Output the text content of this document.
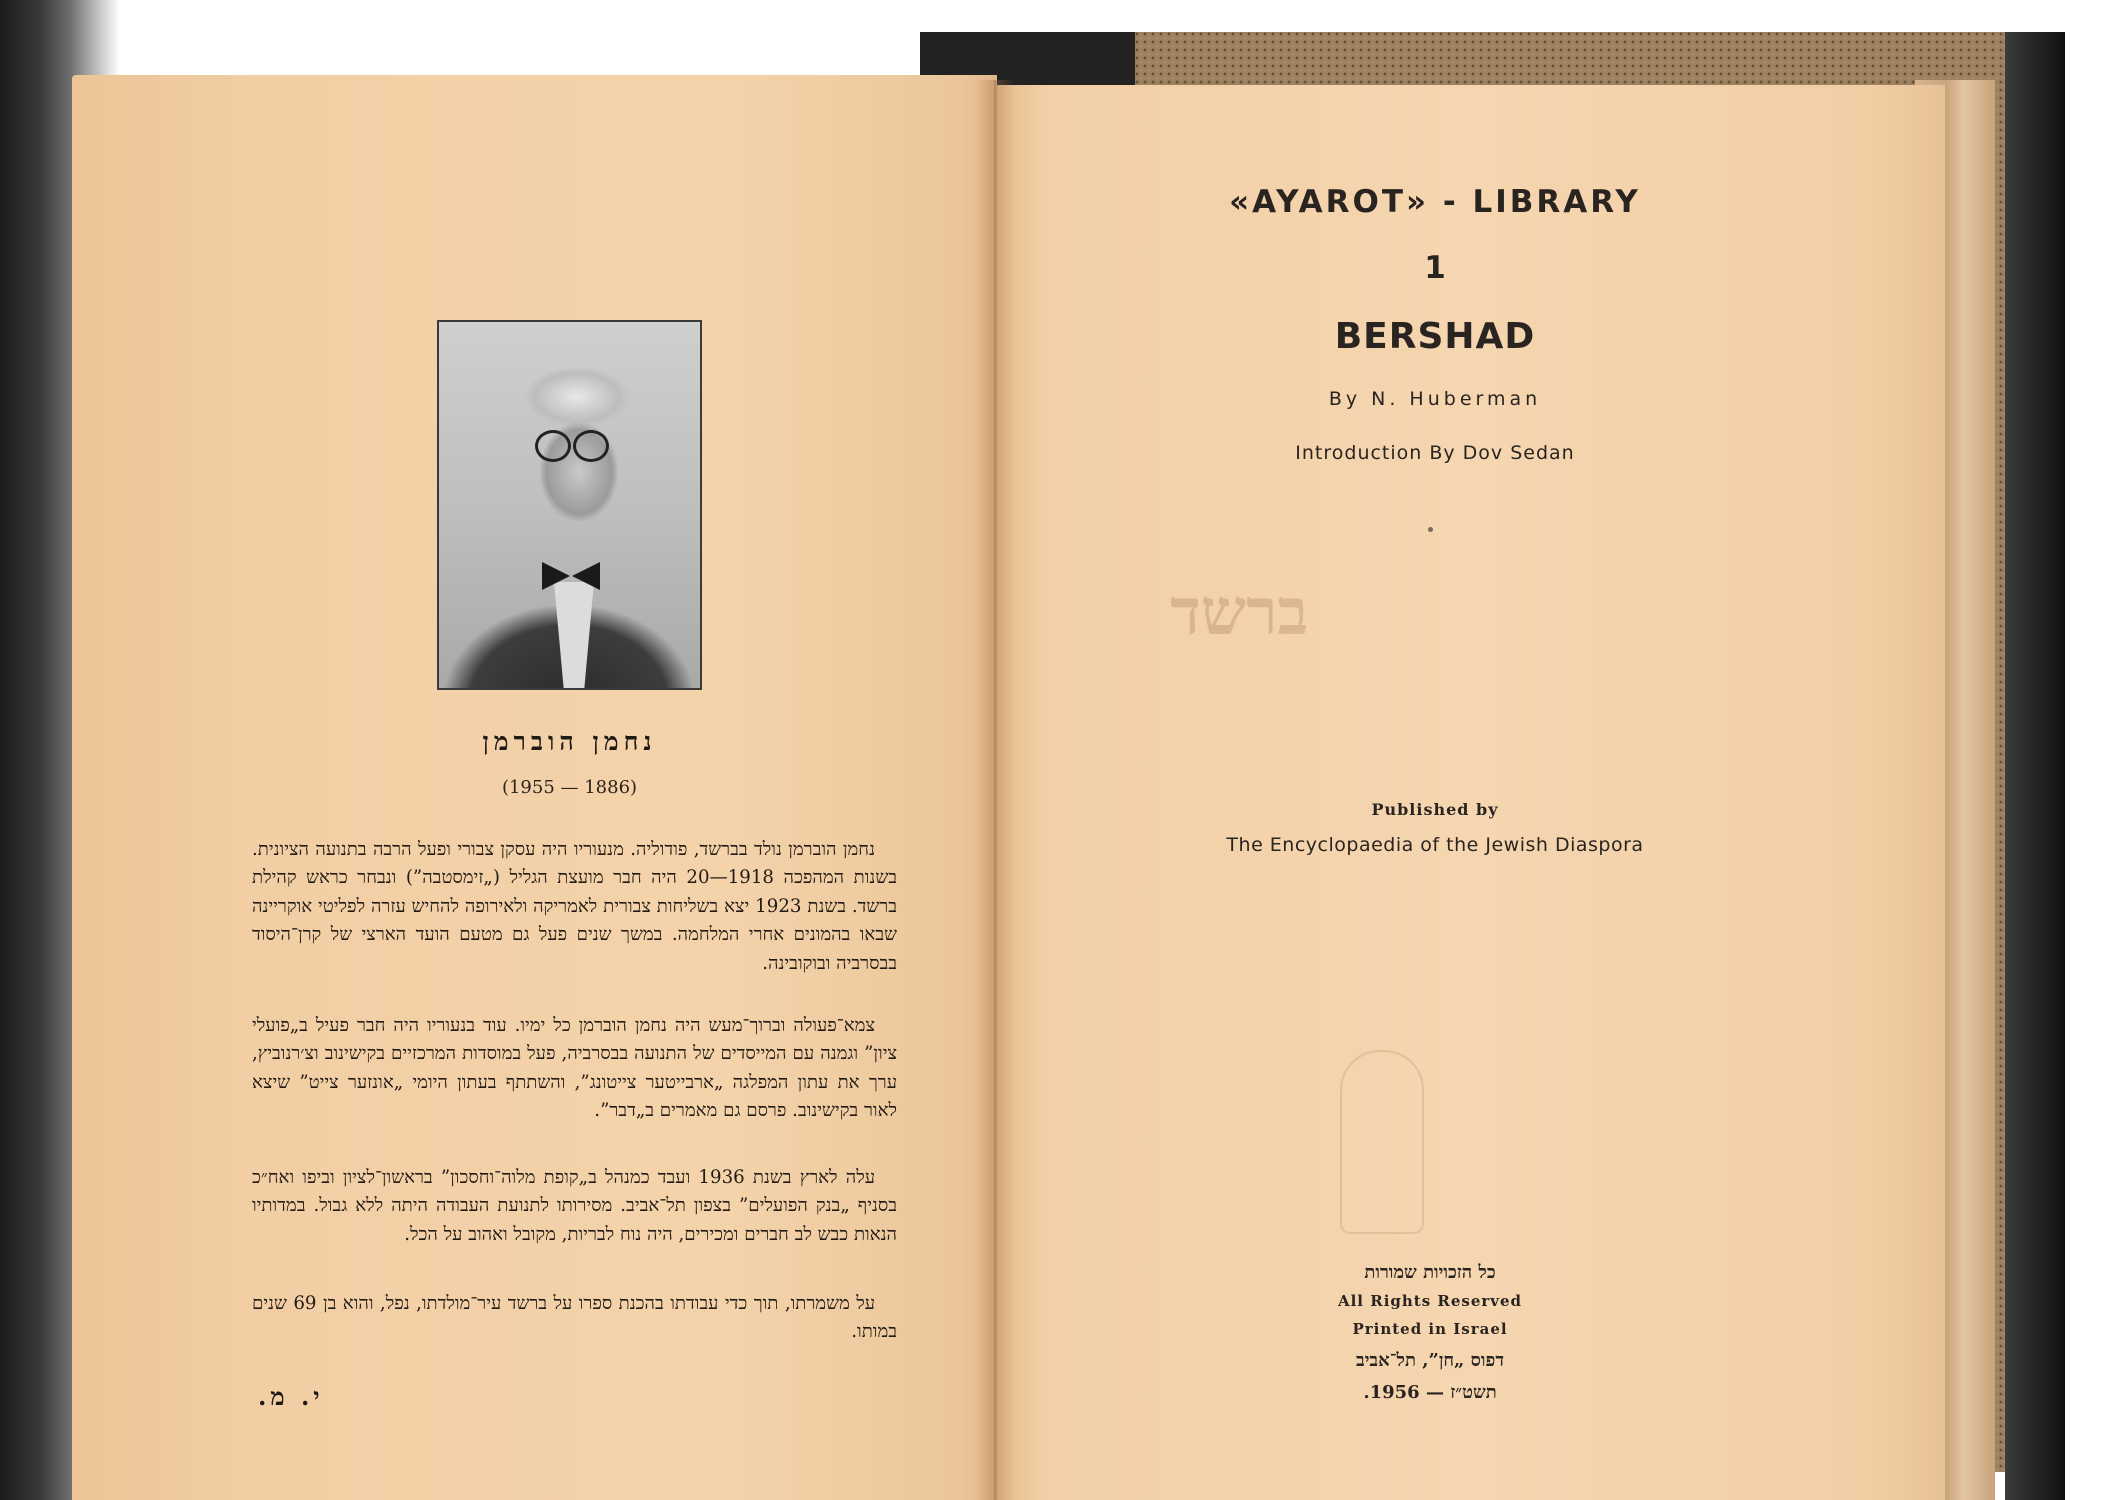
נחמן הוברמן
(1955 — 1886)

נחמן הוברמן נולד בברשד, פודוליה. מנעוריו היה עסקן צבורי ופעל הרבה בתנועה הציונית. בשנות המהפכה 1918—20 היה חבר מועצת הגליל („זימסטבה”) ונבחר כראש קהילת ברשד. בשנת 1923 יצא בשליחות צבורית לאמריקה ולאירופה להחיש עזרה לפליטי אוקריינה שבאו בהמונים אחרי המלחמה. במשך שנים פעל גם מטעם הועד הארצי של קרן־היסוד בבסרביה ובוקובינה.

צמא־פעולה וברוך־מעש היה נחמן הוברמן כל ימיו. עוד בנעוריו היה חבר פעיל ב„פועלי ציון” וגמנה עם המייסדים של התנועה בבסרביה, פעל במוסדות המרכזיים בקישינוב וצ׳רנוביץ, ערך את עתון המפלגה „ארבייטער צייטונג”, והשתתף בעתון היומי „אונזער צייט” שיצא לאור בקישינוב. פרסם גם מאמרים ב„דבר”.

עלה לארץ בשנת 1936 ועבד כמנהל ב„קופת מלוה־וחסכון” בראשון־לציון וביפו ואח״כ בסניף „בנק הפועלים” בצפון תל־אביב. מסירותו לתנועת העבודה היתה ללא גבול. במדותיו הנאות כבש לב חברים ומכירים, היה נוח לבריות, מקובל ואהוב על הכל.

על משמרתו, תוך כדי עבודתו בהכנת ספרו על ברשד עיר־מולדתו, נפל, והוא בן 69 שנים במותו.

י. מ.
ברשד
«AYAROT» - LIBRARY
1
BERSHAD
By N. Huberman
Introduction By Dov Sedan
Published by
The Encyclopaedia of the Jewish Diaspora
כל הזכויות שמורות
All Rights Reserved
Printed in Israel
דפוס „חן”, תל־אביב
תשט״ז — 1956.
